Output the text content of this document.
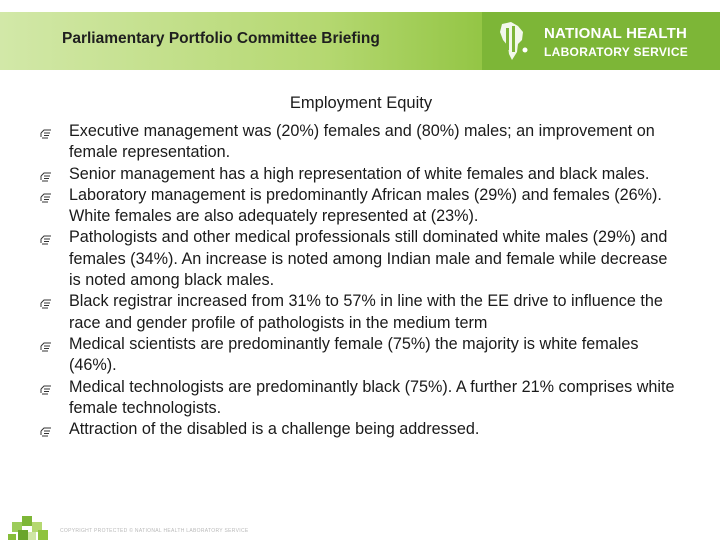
Parliamentary Portfolio Committee Briefing	NATIONAL HEALTH
LABORATORY SERVICE
Employment Equity
Executive management was (20%) females and (80%) males; an improvement on female representation.
Senior management has a high representation of white females and black males.
Laboratory management is predominantly African males (29%) and females (26%). White females are also adequately represented at (23%).
Pathologists and other medical professionals still dominated white males (29%) and females (34%). An increase is noted among Indian male and female while decrease is noted among black males.
Black registrar increased from 31% to 57% in line with the EE drive to influence the race and gender profile of pathologists in the medium term
Medical scientists are predominantly female (75%) the majority is white females (46%).
Medical technologists are predominantly black (75%). A further 21% comprises white female technologists.
Attraction of the disabled is a challenge being addressed.
COPYRIGHT PROTECTED © NATIONAL HEALTH LABORATORY SERVICE
